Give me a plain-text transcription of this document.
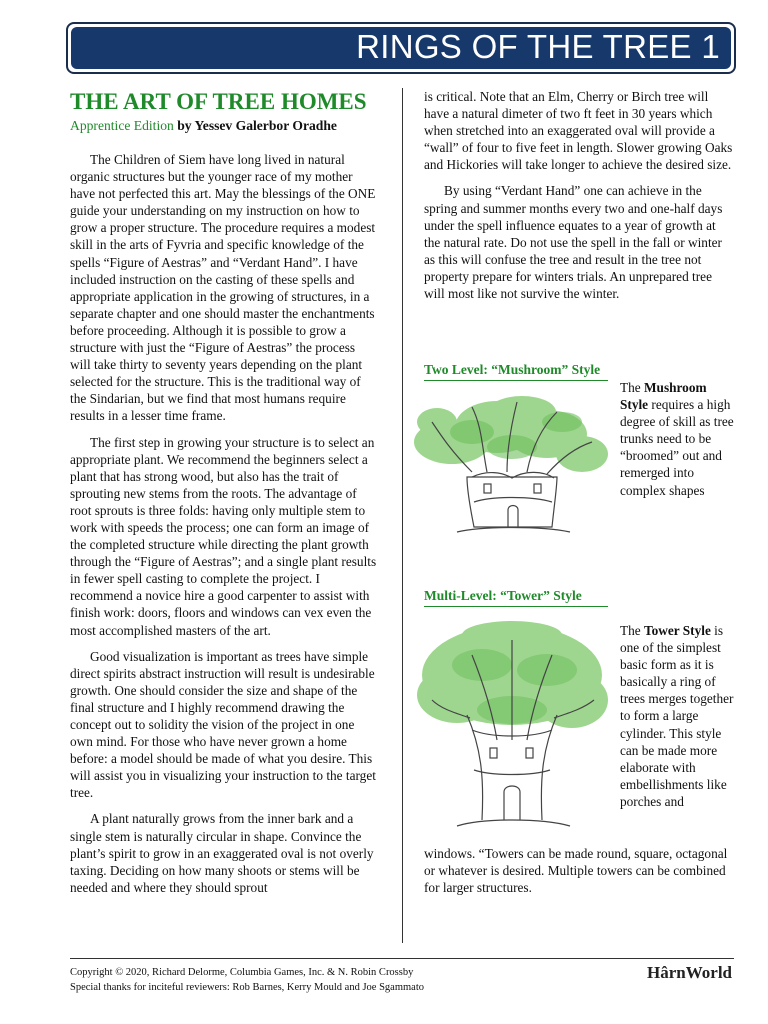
RINGS OF THE TREE 1
THE ART OF TREE HOMES
Apprentice Edition by Yessev Galerbor Oradhe

The Children of Siem have long lived in natural organic structures but the younger race of my mother have not perfected this art. May the blessings of the ONE guide your understanding on my instruction on how to grow a proper structure. The procedure requires a modest skill in the arts of Fyvria and specific knowledge of the spells “Figure of Aestras” and “Verdant Hand”. I have included instruction on the casting of these spells and appropriate application in the growing of structures, in a separate chapter and one should master the enchantments before proceeding. Although it is possible to grow a structure with just the “Figure of Aestras” the process will take thirty to seventy years depending on the plant selected for the structure. This is the traditional way of the Sindarian, but we find that most humans require results in a lesser time frame.

The first step in growing your structure is to select an appropriate plant. We recommend the beginners select a plant that has strong wood, but also has the trait of sprouting new stems from the roots. The advantage of root sprouts is three folds: having only multiple stem to work with speeds the process; one can form an image of the completed structure while directing the plant growth through the “Figure of Aestras”; and a single plant results in fewer spell casting to complete the project. I recommend a novice hire a good carpenter to assist with finish work: doors, floors and windows can vex even the most accomplished masters of the art.

Good visualization is important as trees have simple direct spirits abstract instruction will result is undesirable growth. One should consider the size and shape of the final structure and I highly recommend drawing the concept out to solidity the vision of the project in one own mind. For those who have never grown a home before: a model should be made of what you desire. This will assist you in visualizing your instruction to the target tree.

A plant naturally grows from the inner bark and a single stem is naturally circular in shape. Convince the plant’s spirit to grow in an exaggerated oval is not overly taxing. Deciding on how many shoots or stems will be needed and where they should sprout

is critical. Note that an Elm, Cherry or Birch tree will have a natural dimeter of two ft feet in 30 years which when stretched into an exaggerated oval will provide a “wall” of four to five feet in length. Slower growing Oaks and Hickories will take longer to achieve the desired size.

By using “Verdant Hand” one can achieve in the spring and summer months every two and one-half days under the spell influence equates to a year of growth at the natural rate. Do not use the spell in the fall or winter as this will confuse the tree and result in the tree not property prepare for winters trials. An unprepared tree will most like not survive the winter.

Two Level: “Mushroom” Style
The Mushroom Style requires a high degree of skill as tree trunks need to be “broomed” out and remerged into complex shapes
Multi-Level: “Tower” Style
The Tower Style is one of the simplest basic form as it is basically a ring of trees merges together to form a large cylinder. This style can be made more elaborate with embellishments like porches and
windows. “Towers can be made round, square, octagonal or whatever is desired. Multiple towers can be combined for larger structures.
Copyright © 2020, Richard Delorme, Columbia Games, Inc. & N. Robin Crossby
Special thanks for inciteful reviewers: Rob Barnes, Kerry Mould and Joe Sgammato
HârnWorld
